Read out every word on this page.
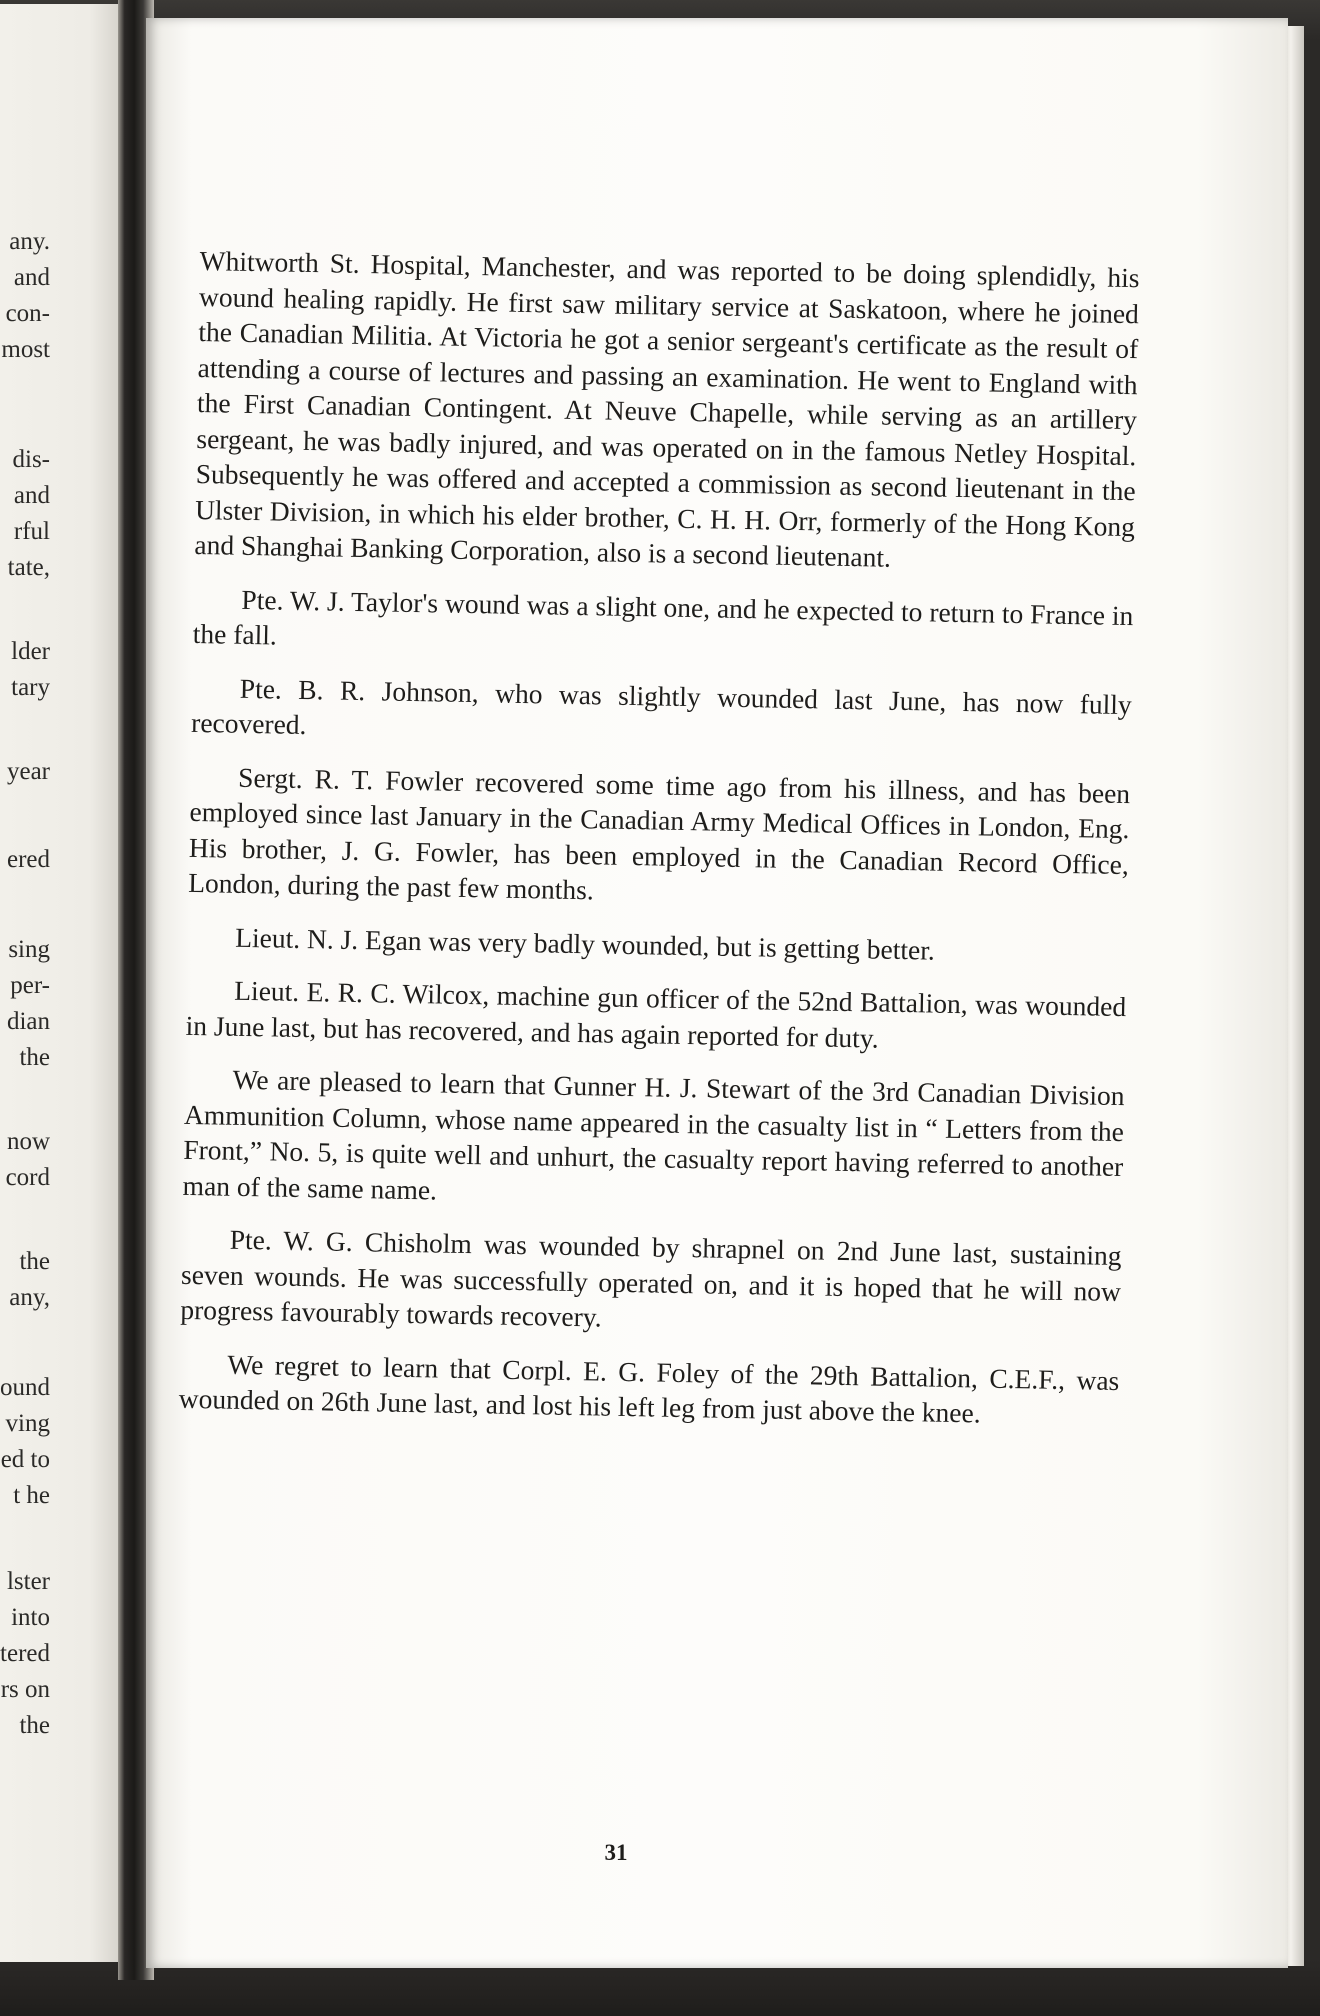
any.
and
con-
most
dis-
and
rful
tate,
lder
tary
year
ered
sing
per-
dian
the
now
cord
the
any,
ound
ving
ed to
t he
lster
into
tered
rs on
the

Whitworth St. Hospital, Manchester, and was reported to be doing splendidly, his wound healing rapidly. He first saw military service at Saskatoon, where he joined the Canadian Militia. At Victoria he got a senior sergeant's certificate as the result of attending a course of lectures and passing an examination. He went to England with the First Canadian Contingent. At Neuve Chapelle, while serving as an artillery sergeant, he was badly injured, and was operated on in the famous Netley Hospital. Subsequently he was offered and accepted a commission as second lieutenant in the Ulster Division, in which his elder brother, C. H. H. Orr, formerly of the Hong Kong and Shanghai Banking Corporation, also is a second lieutenant.

Pte. W. J. Taylor's wound was a slight one, and he expected to return to France in the fall.

Pte. B. R. Johnson, who was slightly wounded last June, has now fully recovered.

Sergt. R. T. Fowler recovered some time ago from his illness, and has been employed since last January in the Canadian Army Medical Offices in London, Eng. His brother, J. G. Fowler, has been employed in the Canadian Record Office, London, during the past few months.

Lieut. N. J. Egan was very badly wounded, but is getting better.

Lieut. E. R. C. Wilcox, machine gun officer of the 52nd Battalion, was wounded in June last, but has recovered, and has again reported for duty.

We are pleased to learn that Gunner H. J. Stewart of the 3rd Canadian Division Ammunition Column, whose name appeared in the casualty list in “ Letters from the Front,” No. 5, is quite well and unhurt, the casualty report having referred to another man of the same name.

Pte. W. G. Chisholm was wounded by shrapnel on 2nd June last, sustaining seven wounds. He was successfully operated on, and it is hoped that he will now progress favourably towards recovery.

We regret to learn that Corpl. E. G. Foley of the 29th Battalion, C.E.F., was wounded on 26th June last, and lost his left leg from just above the knee.

31
